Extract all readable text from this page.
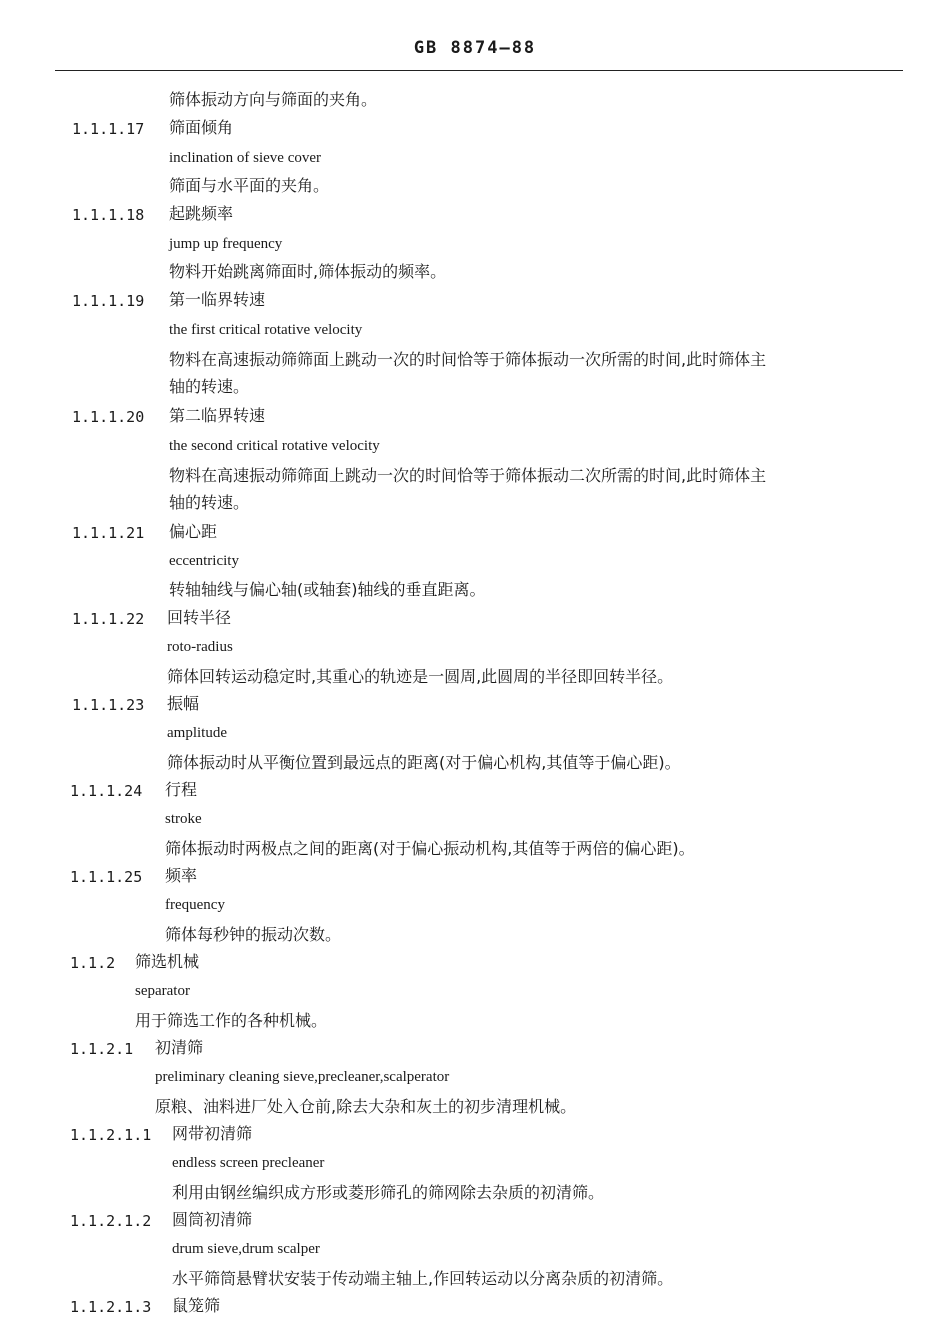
GB 8874—88
筛体振动方向与筛面的夹角。
1.1.1.17 筛面倾角
inclination of sieve cover
筛面与水平面的夹角。
1.1.1.18 起跳频率
jump up frequency
物料开始跳离筛面时,筛体振动的频率。
1.1.1.19 第一临界转速
the first critical rotative velocity
物料在高速振动筛筛面上跳动一次的时间恰等于筛体振动一次所需的时间,此时筛体主
轴的转速。
1.1.1.20 第二临界转速
the second critical rotative velocity
物料在高速振动筛筛面上跳动一次的时间恰等于筛体振动二次所需的时间,此时筛体主
轴的转速。
1.1.1.21 偏心距
eccentricity
转轴轴线与偏心轴(或轴套)轴线的垂直距离。
1.1.1.22 回转半径
roto-radius
筛体回转运动稳定时,其重心的轨迹是一圆周,此圆周的半径即回转半径。
1.1.1.23 振幅
amplitude
筛体振动时从平衡位置到最远点的距离(对于偏心机构,其值等于偏心距)。
1.1.1.24 行程
stroke
筛体振动时两极点之间的距离(对于偏心振动机构,其值等于两倍的偏心距)。
1.1.1.25 频率
frequency
筛体每秒钟的振动次数。
1.1.2 筛选机械
separator
用于筛选工作的各种机械。
1.1.2.1 初清筛
preliminary cleaning sieve,precleaner,scalperator
原粮、油料进厂处入仓前,除去大杂和灰土的初步清理机械。
1.1.2.1.1 网带初清筛
endless screen precleaner
利用由钢丝编织成方形或菱形筛孔的筛网除去杂质的初清筛。
1.1.2.1.2 圆筒初清筛
drum sieve,drum scalper
水平筛筒悬臂状安装于传动端主轴上,作回转运动以分离杂质的初清筛。
1.1.2.1.3 鼠笼筛
